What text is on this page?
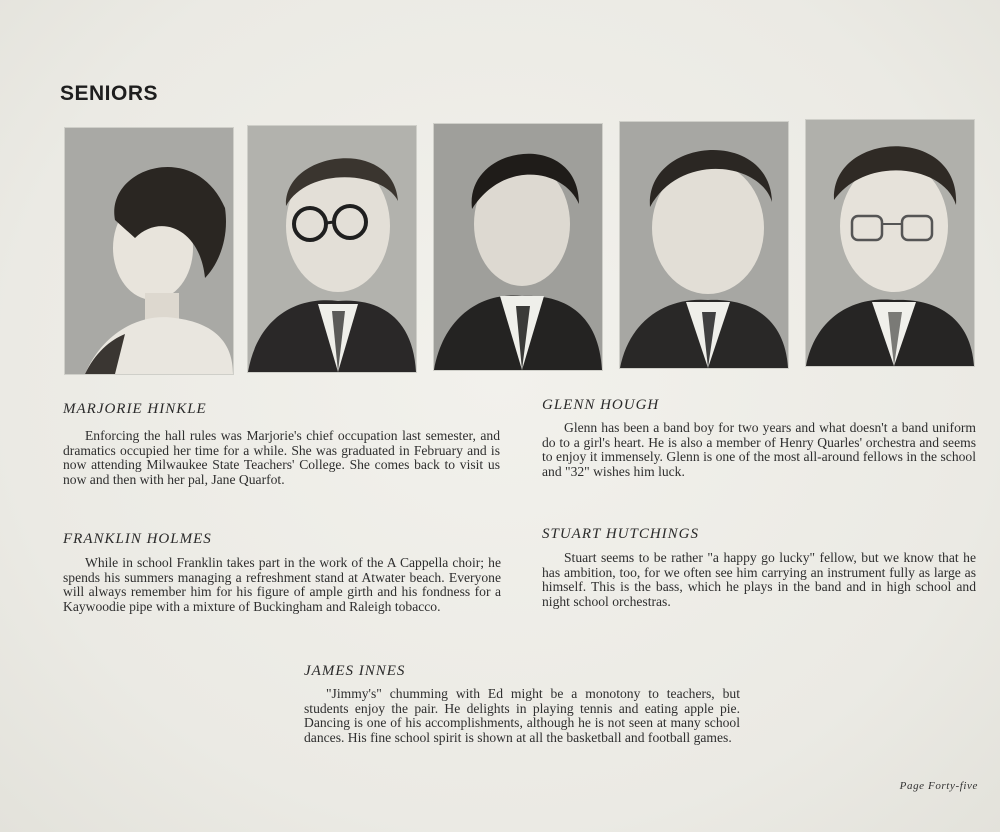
SENIORS
MARJORIE HINKLE

Enforcing the hall rules was Marjorie's chief occupation last semester, and dramatics occupied her time for a while. She was graduated in February and is now attending Milwaukee State Teachers' College. She comes back to visit us now and then with her pal, Jane Quarfot.

FRANKLIN HOLMES

While in school Franklin takes part in the work of the A Cappella choir; he spends his summers managing a refreshment stand at Atwater beach. Everyone will always remember him for his figure of ample girth and his fondness for a Kaywoodie pipe with a mixture of Buckingham and Raleigh tobacco.

JAMES INNES

"Jimmy's" chumming with Ed might be a monotony to teachers, but students enjoy the pair. He delights in playing tennis and eating apple pie. Dancing is one of his accomplishments, although he is not seen at many school dances. His fine school spirit is shown at all the basketball and football games.

GLENN HOUGH

Glenn has been a band boy for two years and what doesn't a band uniform do to a girl's heart. He is also a member of Henry Quarles' orchestra and seems to enjoy it immensely. Glenn is one of the most all-around fellows in the school and "32" wishes him luck.

STUART HUTCHINGS

Stuart seems to be rather "a happy go lucky" fellow, but we know that he has ambition, too, for we often see him carrying an instrument fully as large as himself. This is the bass, which he plays in the band and in high school and night school orchestras.

Page Forty-five
